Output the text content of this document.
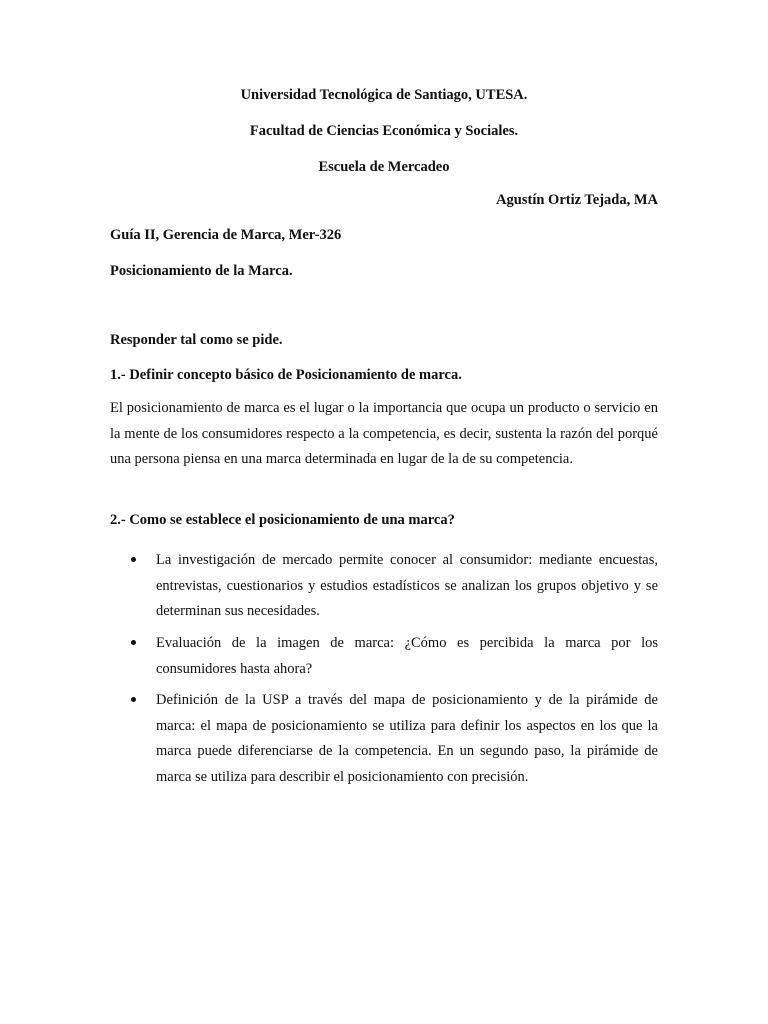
Universidad Tecnológica de Santiago, UTESA.
Facultad de Ciencias Económica y Sociales.
Escuela de Mercadeo
Agustín Ortiz Tejada, MA
Guía II, Gerencia de Marca, Mer-326
Posicionamiento de la Marca.
Responder tal como se pide.
1.- Definir concepto básico de Posicionamiento de marca.
El posicionamiento de marca es el lugar o la importancia que ocupa un producto o servicio en la mente de los consumidores respecto a la competencia, es decir, sustenta la razón del porqué una persona piensa en una marca determinada en lugar de la de su competencia.
2.- Como se establece el posicionamiento de una marca?
La investigación de mercado permite conocer al consumidor: mediante encuestas, entrevistas, cuestionarios y estudios estadísticos se analizan los grupos objetivo y se determinan sus necesidades.
Evaluación de la imagen de marca: ¿Cómo es percibida la marca por los consumidores hasta ahora?
Definición de la USP a través del mapa de posicionamiento y de la pirámide de marca: el mapa de posicionamiento se utiliza para definir los aspectos en los que la marca puede diferenciarse de la competencia. En un segundo paso, la pirámide de marca se utiliza para describir el posicionamiento con precisión.
